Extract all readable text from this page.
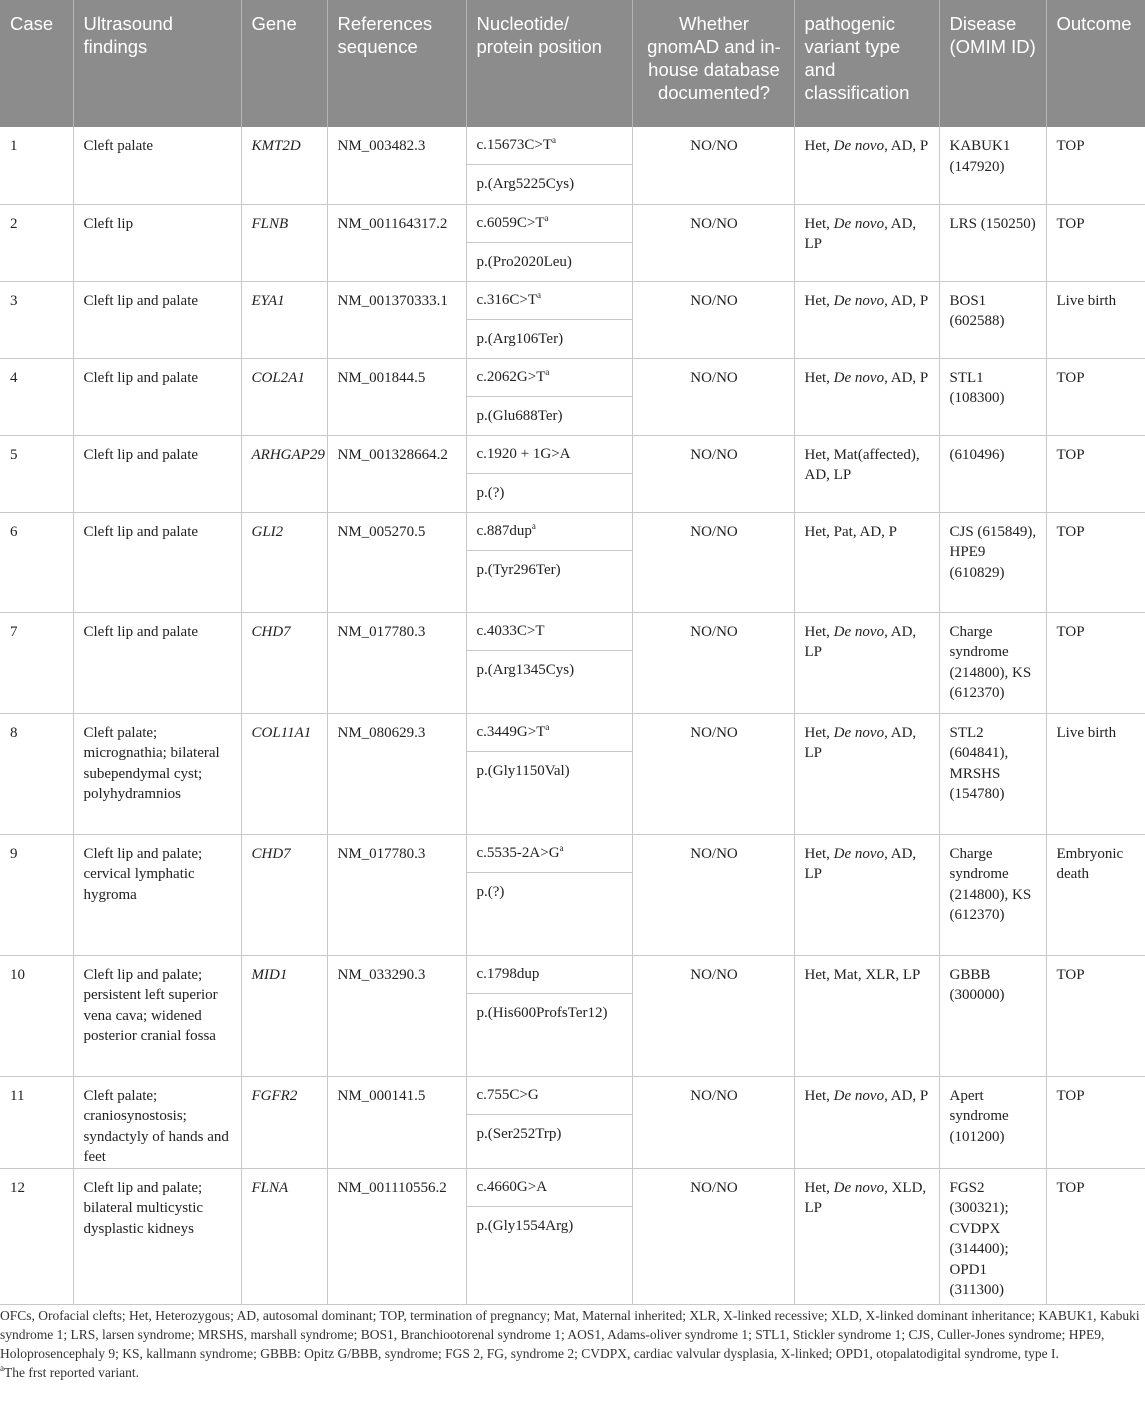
Case	Ultrasound findings	Gene	References sequence	Nucleotide/ protein position	Whether gnomAD and in-house database documented?	pathogenic variant type and classification	Disease (OMIM ID)	Outcome
1	Cleft palate	KMT2D	NM_003482.3	$c.15673C>T^a$
p.(Arg5225Cys)	NO/NO	Het, De novo, AD, P	KABUK1 (147920)	TOP
2	Cleft lip	FLNB	NM_001164317.2	$c.6059C>T^a$
p.(Pro2020Leu)	NO/NO	Het, De novo, AD, LP	LRS (150250)	TOP
3	Cleft lip and palate	EYA1	NM_001370333.1	$c.316C>T^a$
p.(Arg106Ter)	NO/NO	Het, De novo, AD, P	BOS1 (602588)	Live birth
4	Cleft lip and palate	COL2A1	NM_001844.5	$c.2062G>T^a$
p.(Glu688Ter)	NO/NO	Het, De novo, AD, P	STL1 (108300)	TOP
5	Cleft lip and palate	ARHGAP29	NM_001328664.2	c.1920 + 1G>A
p.(?)	NO/NO	Het, Mat(affected), AD, LP	(610496)	TOP
6	Cleft lip and palate	GLI2	NM_005270.5	c.887dup$^a$
p.(Tyr296Ter)	NO/NO	Het, Pat, AD, P	CJS (615849), HPE9 (610829)	TOP
7	Cleft lip and palate	CHD7	NM_017780.3	c.4033C>T
p.(Arg1345Cys)	NO/NO	Het, De novo, AD, LP	Charge syndrome (214800), KS (612370)	TOP
8	Cleft palate; micrognathia; bilateral subependymal cyst; polyhydramnios	COL11A1	NM_080629.3	$c.3449G>T^a$
p.(Gly1150Val)	NO/NO	Het, De novo, AD, LP	STL2 (604841), MRSHS (154780)	Live birth
9	Cleft lip and palate; cervical lymphatic hygroma	CHD7	NM_017780.3	$c.5535-2A>G^a$
p.(?)	NO/NO	Het, De novo, AD, LP	Charge syndrome (214800), KS (612370)	Embryonic death
10	Cleft lip and palate; persistent left superior vena cava; widened posterior cranial fossa	MID1	NM_033290.3	c.1798dup
p.(His600ProfsTer12)	NO/NO	Het, Mat, XLR, LP	GBBB (300000)	TOP
11	Cleft palate; craniosynostosis; syndactyly of hands and feet	FGFR2	NM_000141.5	c.755C>G
p.(Ser252Trp)	NO/NO	Het, De novo, AD, P	Apert syndrome (101200)	TOP
12	Cleft lip and palate; bilateral multicystic dysplastic kidneys	FLNA	NM_001110556.2	c.4660G>A
p.(Gly1554Arg)	NO/NO	Het, De novo, XLD, LP	FGS2 (300321); CVDPX (314400); OPD1 (311300)	TOP

OFCs, Orofacial clefts; Het, Heterozygous; AD, autosomal dominant; TOP, termination of pregnancy; Mat, Maternal inherited; XLR, X-linked recessive; XLD, X-linked dominant inheritance; KABUK1, Kabuki syndrome 1; LRS, larsen syndrome; MRSHS, marshall syndrome; BOS1, Branchiootorenal syndrome 1; AOS1, Adams-oliver syndrome 1; STL1, Stickler syndrome 1; CJS, Culler-Jones syndrome; HPE9, Holoprosencephaly 9; KS, kallmann syndrome; GBBB: Opitz G/BBB, syndrome; FGS 2, FG, syndrome 2; CVDPX, cardiac valvular dysplasia, X-linked; OPD1, otopalatodigital syndrome, type I.

$^a$The frst reported variant.
